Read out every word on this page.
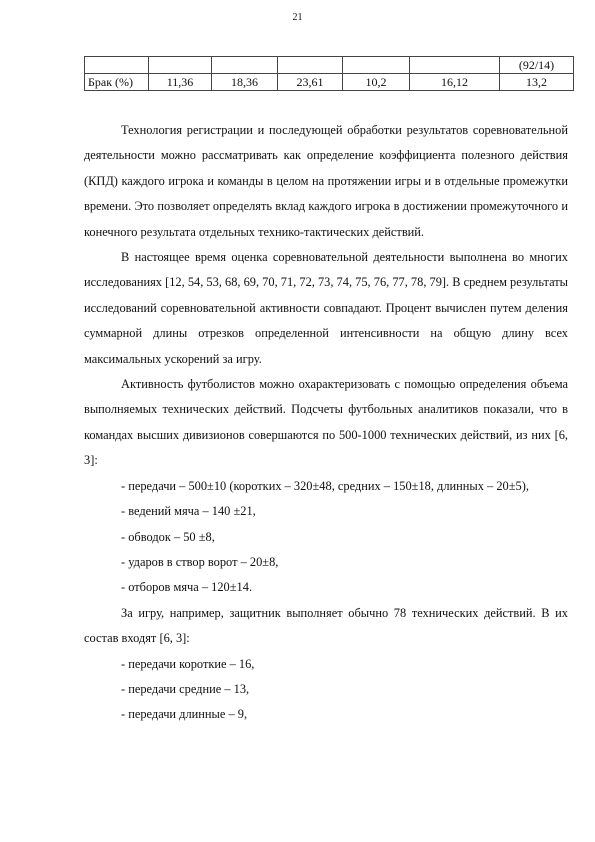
21
						(92/14)
Брак (%)	11,36	18,36	23,61	10,2	16,12	13,2

Технология регистрации и последующей обработки результатов соревновательной деятельности можно рассматривать как определение коэффициента полезного действия (КПД) каждого игрока и команды в целом на протяжении игры и в отдельные промежутки времени. Это позволяет определять вклад каждого игрока в достижении промежуточного и конечного результата отдельных технико-тактических действий.

В настоящее время оценка соревновательной деятельности выполнена во многих исследованиях [12, 54, 53, 68, 69, 70, 71, 72, 73, 74, 75, 76, 77, 78, 79]. В среднем результаты исследований соревновательной активности совпадают. Процент вычислен путем деления суммарной длины отрезков определенной интенсивности на общую длину всех максимальных ускорений за игру.

Активность футболистов можно охарактеризовать с помощью определения объема выполняемых технических действий. Подсчеты футбольных аналитиков показали, что в командах высших дивизионов совершаются по 500-1000 технических действий, из них [6, 3]:

- передачи – 500±10 (коротких – 320±48, средних – 150±18, длинных – 20±5),

- ведений мяча – 140 ±21,

- обводок – 50 ±8,

- ударов в створ ворот – 20±8,

- отборов мяча – 120±14.

За игру, например, защитник выполняет обычно 78 технических действий. В их состав входят [6, 3]:

- передачи короткие – 16,

- передачи средние – 13,

- передачи длинные – 9,
